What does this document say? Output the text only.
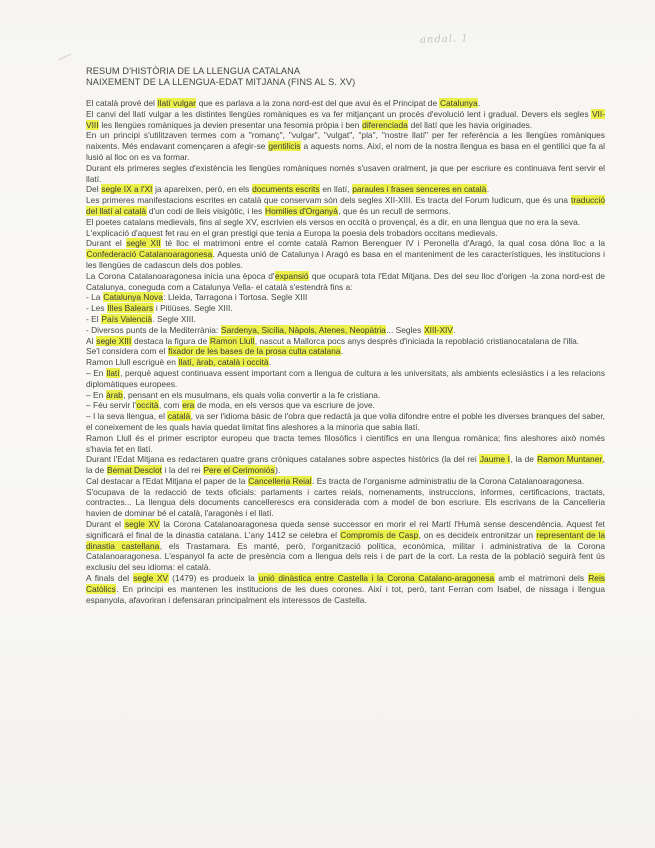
andal. 1
RESUM D'HISTÒRIA DE LA LLENGUA CATALANA
NAIXEMENT DE LA LLENGUA-EDAT MITJANA (FINS AL S. XV)

El català prové del llatí vulgar que es parlava a la zona nord-est del que avui és el Principat de Catalunya.

El canvi del llatí vulgar a les distintes llengües romàniques es va fer mitjançant un procés d'evolució lent i gradual. Devers els segles VII-VIII les llengües romàniques ja devien presentar una fesomia pròpia i ben diferenciada del llatí que les havia originades.

En un principi s'utilitzaven termes com a "romanç", "vulgar", "vulgat", "pla", "nostre llatí" per fer referència a les llengües romàniques naixents. Més endavant començaren a afegir-se gentilicis a aquests noms. Així, el nom de la nostra llengua es basa en el gentilici que fa al lusió al lloc on es va formar.

Durant els primeres segles d'existència les llengües romàniques només s'usaven oralment, ja que per escriure es continuava fent servir el llatí.

Del segle IX a l'XI ja apareixen, però, en els documents escrits en llatí, paraules i frases senceres en català.

Les primeres manifestacions escrites en català que conservam són dels segles XII-XIII. Es tracta del Forum Iudicum, que és una traducció del llatí al català d'un codi de lleis visigòtic, i les Homilies d'Organyà, que és un recull de sermons.

El poetes catalans medievals, fins al segle XV, escrivien els versos en occità o provençal, és a dir, en una llengua que no era la seva.

L'explicació d'aquest fet rau en el gran prestigi que tenia a Europa la poesia dels trobadors occitans medievals.

Durant el segle XII té lloc el matrimoni entre el comte català Ramon Berenguer IV i Peronella d'Aragó, la qual cosa dóna lloc a la Confederació Catalanoaragonesa. Aquesta unió de Catalunya i Aragó es basa en el manteniment de les característiques, les institucions i les llengües de cadascun dels dos pobles.

La Corona Catalanoaragonesa inicia una època d'expansió que ocuparà tota l'Edat Mitjana. Des del seu lloc d'origen -la zona nord-est de Catalunya, coneguda com a Catalunya Vella- el català s'estendrà fins a:

- La Catalunya Nova: Lleida, Tarragona i Tortosa. Segle XIII

- Les Illes Balears i Pitiüses. Segle XIII.

- El País Valencià. Segle XIII.

- Diversos punts de la Mediterrània: Sardenya, Sicília, Nàpols, Atenes, Neopàtria... Segles XIII-XIV.

Al segle XIII destaca la figura de Ramon Llull, nascut a Mallorca pocs anys després d'iniciada la repoblació cristianocatalana de l'illa.

Se'l considera com el fixador de les bases de la prosa culta catalana.

Ramon Llull escriguè en llatí, àrab, català i occità.

– En llatí, perquè aquest continuava essent important com a llengua de cultura a les universitats, als ambients eclesiàstics i a les relacions diplomàtiques europees.

– En àrab, pensant en els musulmans, els quals volia convertir a la fe cristiana.

– Féu servir l'occità, com era de moda, en els versos que va escriure de jove.

– I la seva llengua, el català, va ser l'idioma bàsic de l'obra que redactà ja que volia difondre entre el poble les diverses branques del saber, el coneixement de les quals havia quedat limitat fins aleshores a la minoria que sabia llatí.

Ramon Llull és el primer escriptor europeu que tracta temes filosòfics i científics en una llengua romànica; fins aleshores això només s'havia fet en llatí.

Durant l'Edat Mitjana es redactaren quatre grans cròniques catalanes sobre aspectes històrics (la del rei Jaume I, la de Ramon Muntaner, la de Bernat Desclot i la del rei Pere el Cerimoniós).

Cal destacar a l'Edat Mitjana el paper de la Cancelleria Reial. Es tracta de l'organisme administratiu de la Corona Catalanoaragonesa.

S'ocupava de la redacció de texts oficials: parlaments i cartes reials, nomenaments, instruccions, informes, certificacions, tractats, contractes... La llengua dels documents cancellerescs era considerada com a model de bon escriure. Els escrivans de la Cancelleria havien de dominar bé el català, l'aragonès i el llatí.

Durant el segle XV la Corona Catalanoaragonesa queda sense successor en morir el rei Martí l'Humà sense descendència. Aquest fet significarà el final de la dinastia catalana. L'any 1412 se celebra el Compromís de Casp, on es decideix entronitzar un representant de la dinastia castellana, els Trastamara. Es manté, però, l'organització política, econòmica, militar i administrativa de la Corona Catalanoaragonesa. L'espanyol fa acte de presència com a llengua dels reis i de part de la cort. La resta de la població seguirà fent ús exclusiu del seu idioma: el català.

A finals del segle XV (1479) es produeix la unió dinàstica entre Castella i la Corona Catalano-aragonesa amb el matrimoni dels Reis Catòlics. En principi es mantenen les institucions de les dues corones. Així i tot, però, tant Ferran com Isabel, de nissaga i llengua espanyola, afavoriran i defensaran principalment els interessos de Castella.
